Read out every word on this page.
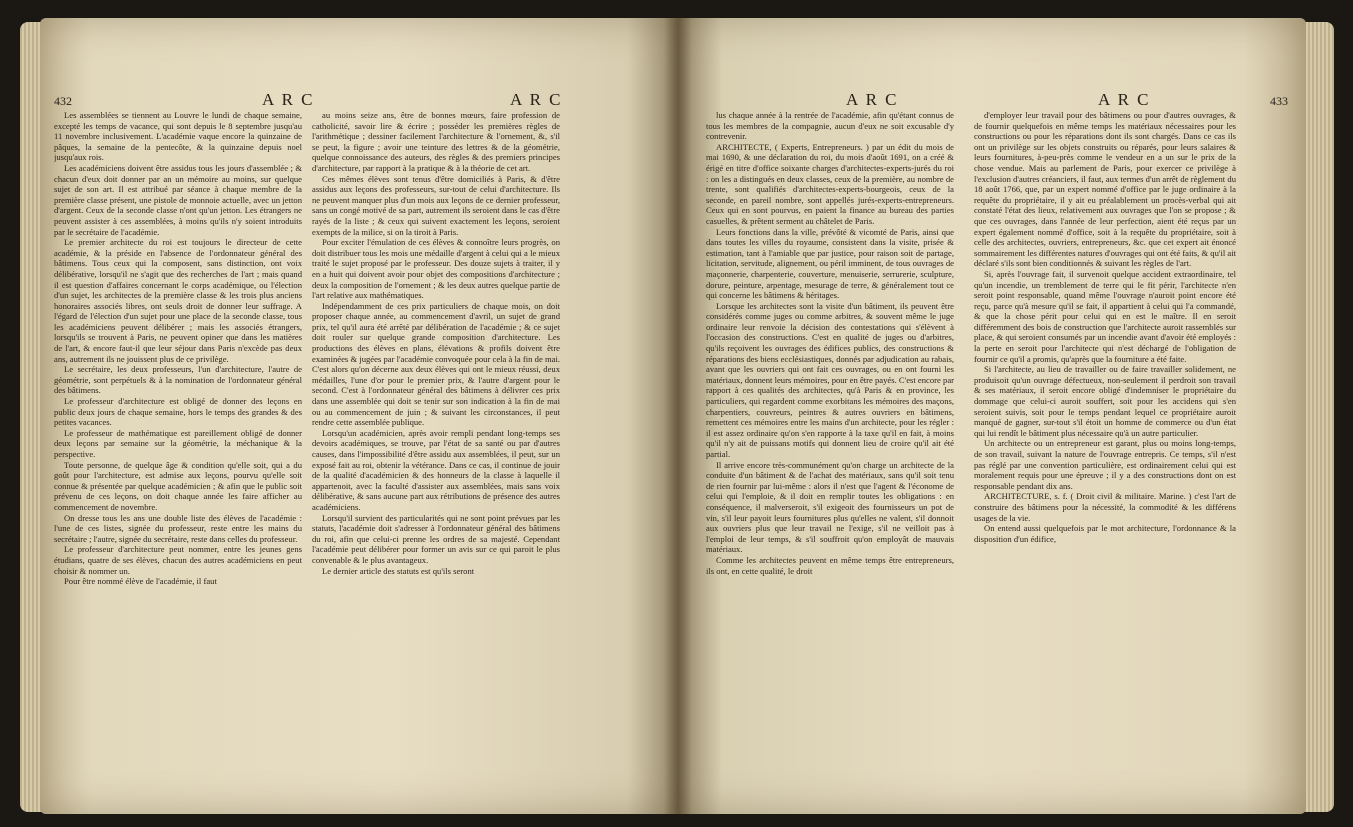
432	A R C	A R C

Les assemblées se tiennent au Louvre le lundi de chaque semaine, excepté les temps de vacance, qui sont depuis le 8 septembre jusqu'au 11 novembre inclusivement. L'académie vaque encore la quinzaine de pâques, la semaine de la pentecôte, & la quinzaine depuis noel jusqu'aux rois.

Les académiciens doivent être assidus tous les jours d'assemblée ; & chacun d'eux doit donner par an un mémoire au moins, sur quelque sujet de son art. Il est attribué par séance à chaque membre de la première classe présent, une pistole de monnoie actuelle, avec un jetton d'argent. Ceux de la seconde classe n'ont qu'un jetton. Les étrangers ne peuvent assister à ces assemblées, à moins qu'ils n'y soient introduits par le secrétaire de l'académie.

Le premier architecte du roi est toujours le directeur de cette académie, & la préside en l'absence de l'ordonnateur général des bâtimens. Tous ceux qui la composent, sans distinction, ont voix délibérative, lorsqu'il ne s'agit que des recherches de l'art ; mais quand il est question d'affaires concernant le corps académique, ou l'élection d'un sujet, les architectes de la première classe & les trois plus anciens honoraires associés libres, ont seuls droit de donner leur suffrage. A l'égard de l'élection d'un sujet pour une place de la seconde classe, tous les académiciens peuvent délibérer ; mais les associés étrangers, lorsqu'ils se trouvent à Paris, ne peuvent opiner que dans les matières de l'art, & encore faut-il que leur séjour dans Paris n'excède pas deux ans, autrement ils ne jouissent plus de ce privilège.

Le secrétaire, les deux professeurs, l'un d'architecture, l'autre de géométrie, sont perpétuels & à la nomination de l'ordonnateur général des bâtimens.

Le professeur d'architecture est obligé de donner des leçons en public deux jours de chaque semaine, hors le temps des grandes & des petites vacances.

Le professeur de mathématique est pareillement obligé de donner deux leçons par semaine sur la géométrie, la méchanique & la perspective.

Toute personne, de quelque âge & condition qu'elle soit, qui a du goût pour l'architecture, est admise aux leçons, pourvu qu'elle soit connue & présentée par quelque académicien ; & afin que le public soit prévenu de ces leçons, on doit chaque année les faire afficher au commencement de novembre.

On dresse tous les ans une double liste des élèves de l'académie : l'une de ces listes, signée du professeur, reste entre les mains du secrétaire ; l'autre, signée du secrétaire, reste dans celles du professeur.

Le professeur d'architecture peut nommer, entre les jeunes gens étudians, quatre de ses élèves, chacun des autres académiciens en peut choisir & nommer un.

Pour être nommé élève de l'académie, il faut

au moins seize ans, être de bonnes mœurs, faire profession de catholicité, savoir lire & écrire ; posséder les premières règles de l'arithmétique ; dessiner facilement l'architecture & l'ornement, &, s'il se peut, la figure ; avoir une teinture des lettres & de la géométrie, quelque connoissance des auteurs, des règles & des premiers principes d'architecture, par rapport à la pratique & à la théorie de cet art.

Ces mêmes élèves sont tenus d'être domiciliés à Paris, & d'être assidus aux leçons des professeurs, sur-tout de celui d'architecture. Ils ne peuvent manquer plus d'un mois aux leçons de ce dernier professeur, sans un congé motivé de sa part, autrement ils seroient dans le cas d'être rayés de la liste ; & ceux qui suivent exactement les leçons, seroient exempts de la milice, si on la tiroit à Paris.

Pour exciter l'émulation de ces élèves & connoître leurs progrès, on doit distribuer tous les mois une médaille d'argent à celui qui a le mieux traité le sujet proposé par le professeur. Des douze sujets à traiter, il y en a huit qui doivent avoir pour objet des compositions d'architecture ; deux la composition de l'ornement ; & les deux autres quelque partie de l'art relative aux mathématiques.

Indépendamment de ces prix particuliers de chaque mois, on doit proposer chaque année, au commencement d'avril, un sujet de grand prix, tel qu'il aura été arrêté par délibération de l'académie ; & ce sujet doit rouler sur quelque grande composition d'architecture. Les productions des élèves en plans, élévations & profils doivent être examinées & jugées par l'académie convoquée pour cela à la fin de mai. C'est alors qu'on décerne aux deux élèves qui ont le mieux réussi, deux médailles, l'une d'or pour le premier prix, & l'autre d'argent pour le second. C'est à l'ordonnateur général des bâtimens à délivrer ces prix dans une assemblée qui doit se tenir sur son indication à la fin de mai ou au commencement de juin ; & suivant les circonstances, il peut rendre cette assemblée publique.

Lorsqu'un académicien, après avoir rempli pendant long-temps ses devoirs académiques, se trouve, par l'état de sa santé ou par d'autres causes, dans l'impossibilité d'être assidu aux assemblées, il peut, sur un exposé fait au roi, obtenir la vétérance. Dans ce cas, il continue de jouir de la qualité d'académicien & des honneurs de la classe à laquelle il appartenoit, avec la faculté d'assister aux assemblées, mais sans voix délibérative, & sans aucune part aux rétributions de présence des autres académiciens.

Lorsqu'il survient des particularités qui ne sont point prévues par les statuts, l'académie doit s'adresser à l'ordonnateur général des bâtimens du roi, afin que celui-ci prenne les ordres de sa majesté. Cependant l'académie peut délibérer pour former un avis sur ce qui paroit le plus convenable & le plus avantageux.

Le dernier article des statuts est qu'ils seront

A R C	A R C	433

lus chaque année à la rentrée de l'académie, afin qu'étant connus de tous les membres de la compagnie, aucun d'eux ne soit excusable d'y contrevenir.

ARCHITECTE, ( Experts, Entrepreneurs. ) par un édit du mois de mai 1690, & une déclaration du roi, du mois d'août 1691, on a créé & érigé en titre d'office soixante charges d'architectes-experts-jurés du roi : on les a distingués en deux classes, ceux de la première, au nombre de trente, sont qualifiés d'architectes-experts-bourgeois, ceux de la seconde, en pareil nombre, sont appellés jurés-experts-entrepreneurs. Ceux qui en sont pourvus, en paient la finance au bureau des parties casuelles, & prêtent serment au châtelet de Paris.

Leurs fonctions dans la ville, prévôté & vicomté de Paris, ainsi que dans toutes les villes du royaume, consistent dans la visite, prisée & estimation, tant à l'amiable que par justice, pour raison soit de partage, licitation, servitude, alignement, ou péril imminent, de tous ouvrages de maçonnerie, charpenterie, couverture, menuiserie, serrurerie, sculpture, dorure, peinture, arpentage, mesurage de terre, & généralement tout ce qui concerne les bâtimens & héritages.

Lorsque les architectes sont la visite d'un bâtiment, ils peuvent être considérés comme juges ou comme arbitres, & souvent même le juge ordinaire leur renvoie la décision des contestations qui s'élèvent à l'occasion des constructions. C'est en qualité de juges ou d'arbitres, qu'ils reçoivent les ouvrages des édifices publics, des constructions & réparations des biens ecclésiastiques, donnés par adjudication au rabais, avant que les ouvriers qui ont fait ces ouvrages, ou en ont fourni les matériaux, donnent leurs mémoires, pour en être payés. C'est encore par rapport à ces qualités des architectes, qu'à Paris & en province, les particuliers, qui regardent comme exorbitans les mémoires des maçons, charpentiers, couvreurs, peintres & autres ouvriers en bâtimens, remettent ces mémoires entre les mains d'un architecte, pour les régler : il est assez ordinaire qu'on s'en rapporte à la taxe qu'il en fait, à moins qu'il n'y ait de puissans motifs qui donnent lieu de croire qu'il ait été partial.

Il arrive encore très-communément qu'on charge un architecte de la conduite d'un bâtiment & de l'achat des matériaux, sans qu'il soit tenu de rien fournir par lui-même : alors il n'est que l'agent & l'économe de celui qui l'emploie, & il doit en remplir toutes les obligations : en conséquence, il malverseroit, s'il exigeoit des fournisseurs un pot de vin, s'il leur payoit leurs fournitures plus qu'elles ne valent, s'il donnoit aux ouvriers plus que leur travail ne l'exige, s'il ne veilloit pas à l'emploi de leur temps, & s'il souffroit qu'on employât de mauvais matériaux.

Comme les architectes peuvent en même temps être entrepreneurs, ils ont, en cette qualité, le droit

d'employer leur travail pour des bâtimens ou pour d'autres ouvrages, & de fournir quelquefois en même temps les matériaux nécessaires pour les constructions ou pour les réparations dont ils sont chargés. Dans ce cas ils ont un privilège sur les objets construits ou réparés, pour leurs salaires & leurs fournitures, à-peu-près comme le vendeur en a un sur le prix de la chose vendue. Mais au parlement de Paris, pour exercer ce privilège à l'exclusion d'autres créanciers, il faut, aux termes d'un arrêt de règlement du 18 août 1766, que, par un expert nommé d'office par le juge ordinaire à la requête du propriétaire, il y ait eu préalablement un procès-verbal qui ait constaté l'état des lieux, relativement aux ouvrages que l'on se propose ; & que ces ouvrages, dans l'année de leur perfection, aient été reçus par un expert également nommé d'office, soit à la requête du propriétaire, soit à celle des architectes, ouvriers, entrepreneurs, &c. que cet expert ait énoncé sommairement les différentes natures d'ouvrages qui ont été faits, & qu'il ait déclaré s'ils sont bien conditionnés & suivant les règles de l'art.

Si, après l'ouvrage fait, il survenoit quelque accident extraordinaire, tel qu'un incendie, un tremblement de terre qui le fit périr, l'architecte n'en seroit point responsable, quand même l'ouvrage n'auroit point encore été reçu, parce qu'à mesure qu'il se fait, il appartient à celui qui l'a commandé, & que la chose périt pour celui qui en est le maître. Il en seroit différemment des bois de construction que l'architecte auroit rassemblés sur place, & qui seroient consumés par un incendie avant d'avoir été employés : la perte en seroit pour l'architecte qui n'est déchargé de l'obligation de fournir ce qu'il a promis, qu'après que la fourniture a été faite.

Si l'architecte, au lieu de travailler ou de faire travailler solidement, ne produisoit qu'un ouvrage défectueux, non-seulement il perdroit son travail & ses matériaux, il seroit encore obligé d'indemniser le propriétaire du dommage que celui-ci auroit souffert, soit pour les accidens qui s'en seroient suivis, soit pour le temps pendant lequel ce propriétaire auroit manqué de gagner, sur-tout s'il étoit un homme de commerce ou d'un état qui lui rendît le bâtiment plus nécessaire qu'à un autre particulier.

Un architecte ou un entrepreneur est garant, plus ou moins long-temps, de son travail, suivant la nature de l'ouvrage entrepris. Ce temps, s'il n'est pas réglé par une convention particulière, est ordinairement celui qui est moralement requis pour une épreuve ; il y a des constructions dont on est responsable pendant dix ans.

ARCHITECTURE, s. f. ( Droit civil & militaire. Marine. ) c'est l'art de construire des bâtimens pour la nécessité, la commodité & les différens usages de la vie.

On entend aussi quelquefois par le mot architecture, l'ordonnance & la disposition d'un édifice,
